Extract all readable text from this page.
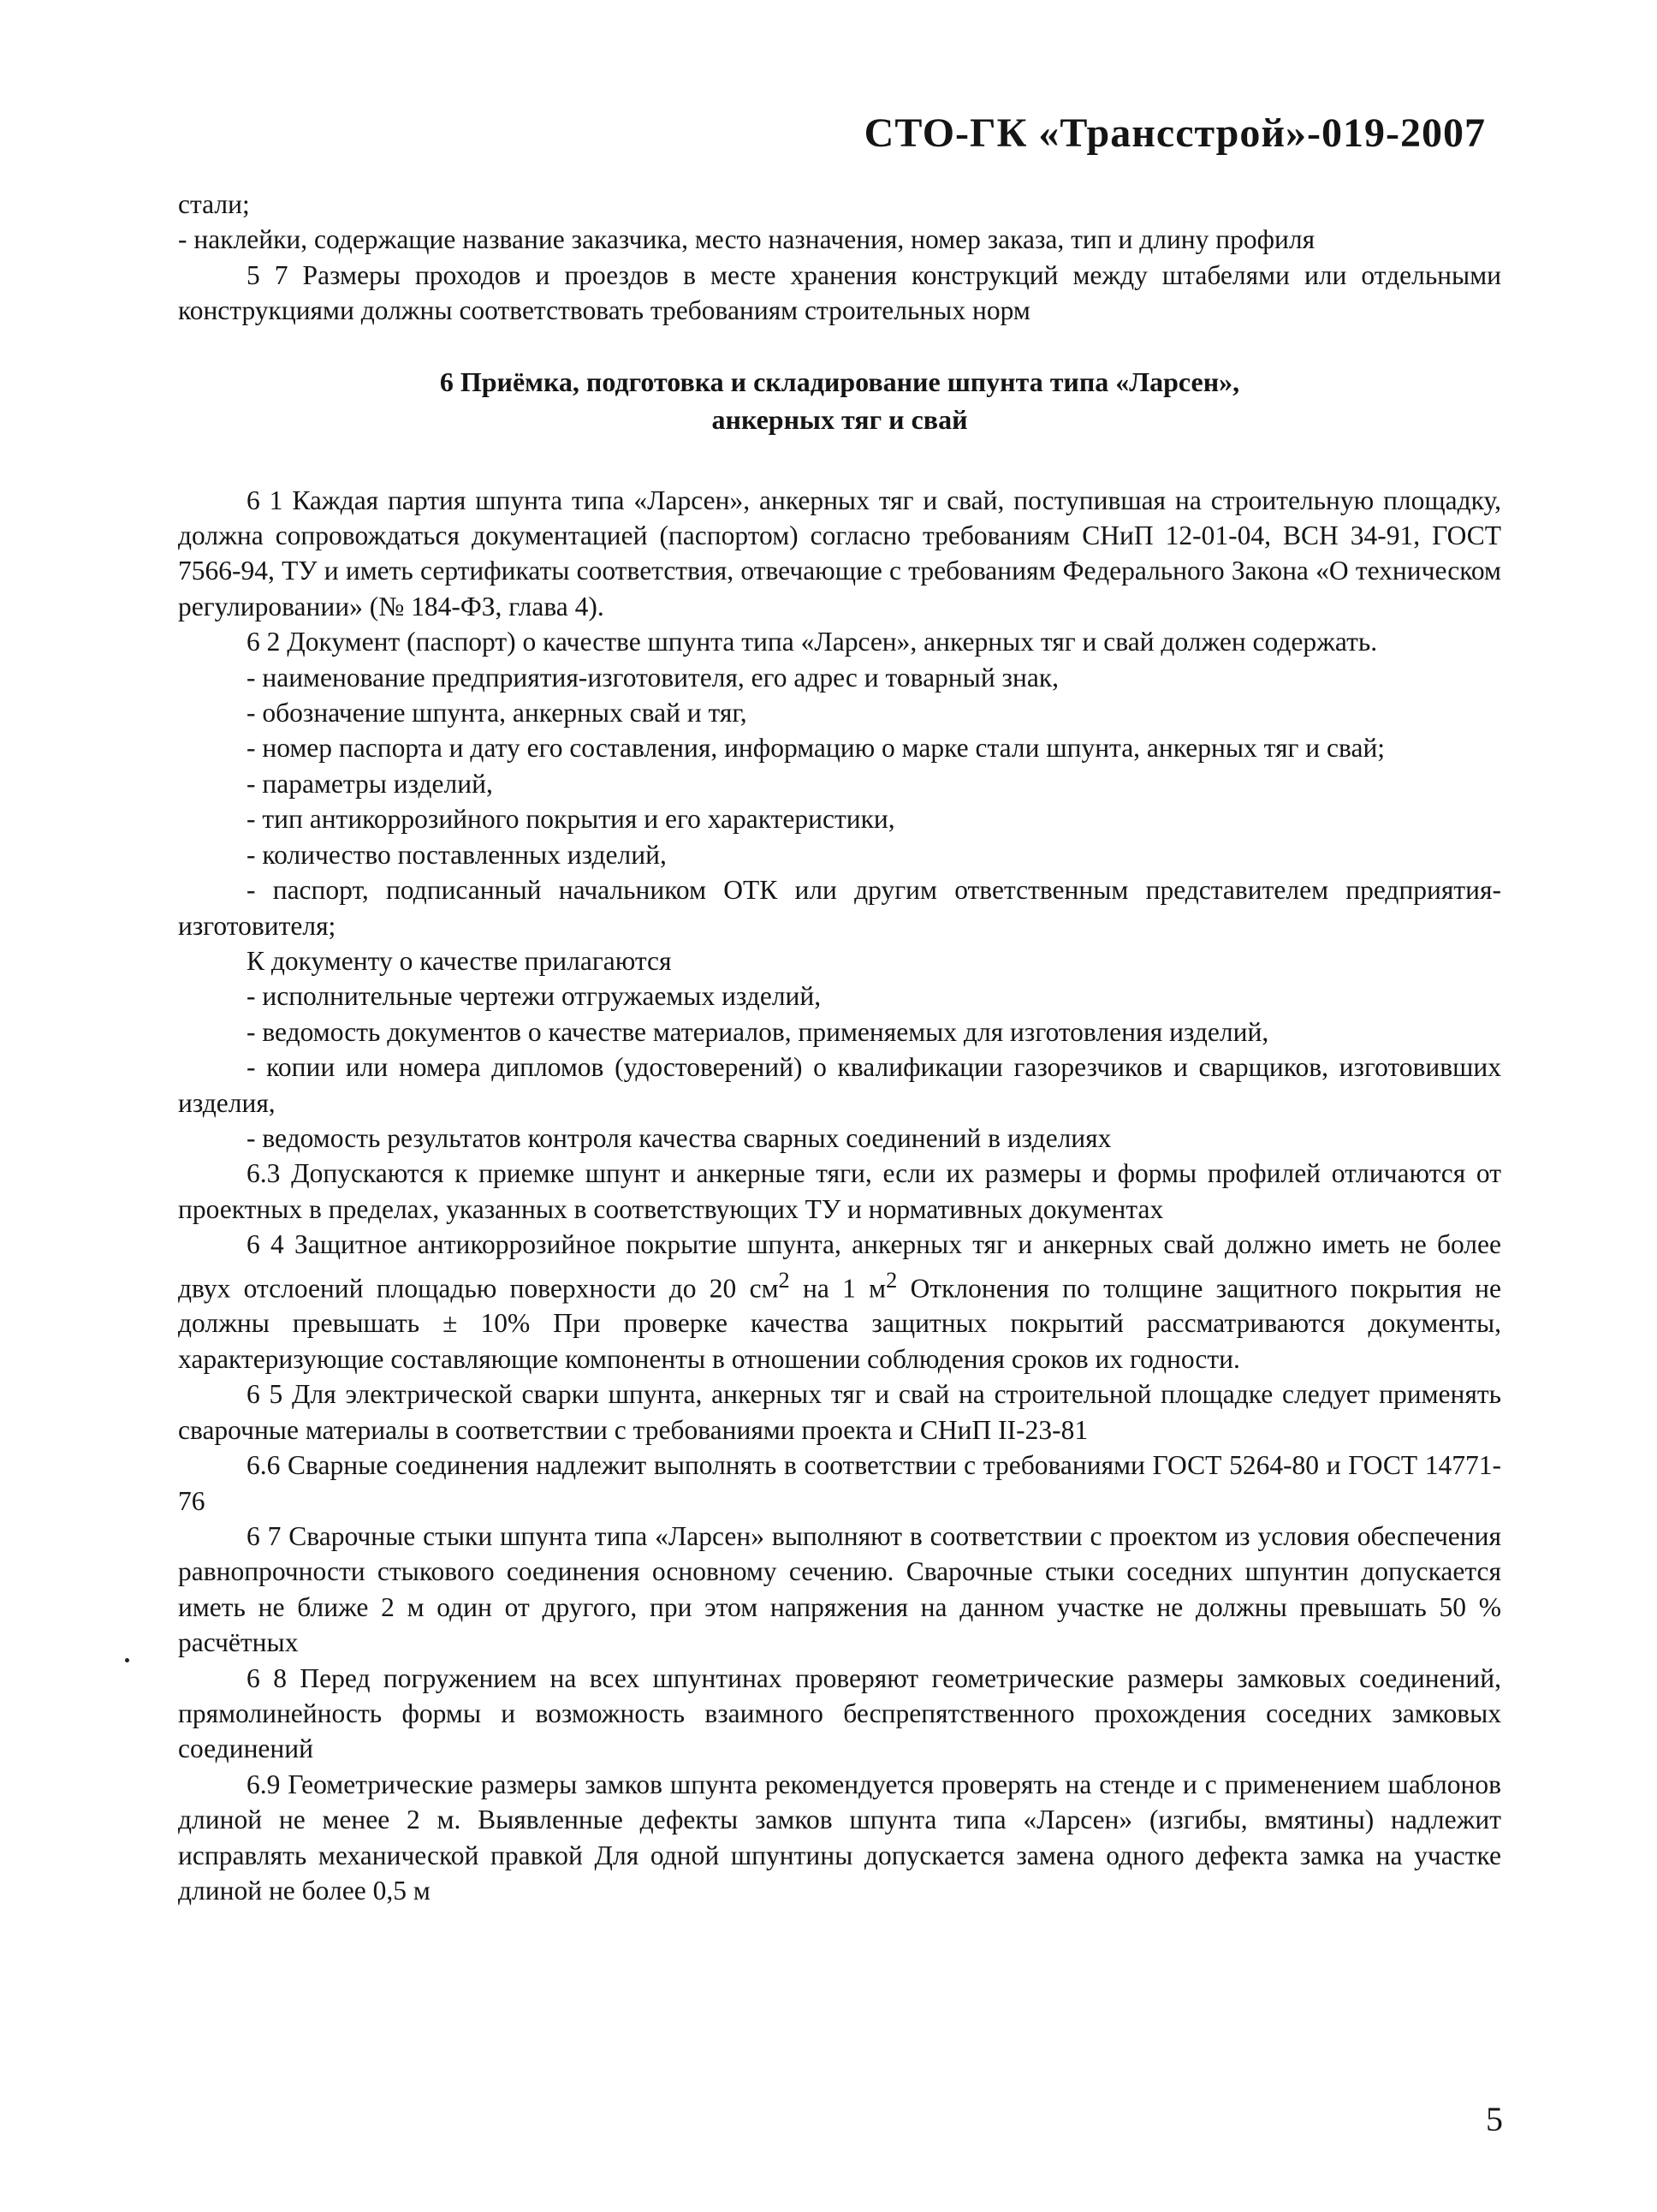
СТО-ГК «Трансстрой»-019-2007

стали;

- наклейки, содержащие название заказчика, место назначения, номер заказа, тип и длину профиля

5 7 Размеры проходов и проездов в месте хранения конструкций между штабелями или отдельными конструкциями должны соответствовать требованиям строительных норм

6 Приёмка, подготовка и складирование шпунта типа «Ларсен»,

анкерных тяг и свай

6 1 Каждая партия шпунта типа «Ларсен», анкерных тяг и свай, поступившая на строительную площадку, должна сопровождаться документацией (паспортом) согласно требованиям СНиП 12-01-04, ВСН 34-91, ГОСТ 7566-94, ТУ и иметь сертификаты соответствия, отвечающие с требованиям Федерального Закона «О техническом регулировании» (№ 184-ФЗ, глава 4).

6 2 Документ (паспорт) о качестве шпунта типа «Ларсен», анкерных тяг и свай должен содержать.

- наименование предприятия-изготовителя, его адрес и товарный знак,

- обозначение шпунта, анкерных свай и тяг,

- номер паспорта и дату его составления, информацию о марке стали шпунта, анкерных тяг и свай;

- параметры изделий,

- тип антикоррозийного покрытия и его характеристики,

- количество поставленных изделий,

- паспорт, подписанный начальником ОТК или другим ответственным представителем предприятия-изготовителя;

К документу о качестве прилагаются

- исполнительные чертежи отгружаемых изделий,

- ведомость документов о качестве материалов, применяемых для изготовления изделий,

- копии или номера дипломов (удостоверений) о квалификации газорезчиков и сварщиков, изготовивших изделия,

- ведомость результатов контроля качества сварных соединений в изделиях

6.3 Допускаются к приемке шпунт и анкерные тяги, если их размеры и формы профилей отличаются от проектных в пределах, указанных в соответствующих ТУ и нормативных документах

6 4 Защитное антикоррозийное покрытие шпунта, анкерных тяг и анкерных свай должно иметь не более двух отслоений площадью поверхности до 20 $см^2$ на 1 $м^2$ Отклонения по толщине защитного покрытия не должны превышать ± 10% При проверке качества защитных покрытий рассматриваются документы, характеризующие составляющие компоненты в отношении соблюдения сроков их годности.

6 5 Для электрической сварки шпунта, анкерных тяг и свай на строительной площадке следует применять сварочные материалы в соответствии с требованиями проекта и СНиП II-23-81

6.6 Сварные соединения надлежит выполнять в соответствии с требованиями ГОСТ 5264-80 и ГОСТ 14771-76

6 7 Сварочные стыки шпунта типа «Ларсен» выполняют в соответствии с проектом из условия обеспечения равнопрочности стыкового соединения основному сечению. Сварочные стыки соседних шпунтин допускается иметь не ближе 2 м один от другого, при этом напряжения на данном участке не должны превышать 50 % расчётных

6 8 Перед погружением на всех шпунтинах проверяют геометрические размеры замковых соединений, прямолинейность формы и возможность взаимного беспрепятственного прохождения соседних замковых соединений

6.9 Геометрические размеры замков шпунта рекомендуется проверять на стенде и с применением шаблонов длиной не менее 2 м. Выявленные дефекты замков шпунта типа «Ларсен» (изгибы, вмятины) надлежит исправлять механической правкой Для одной шпунтины допускается замена одного дефекта замка на участке длиной не более 0,5 м

5
